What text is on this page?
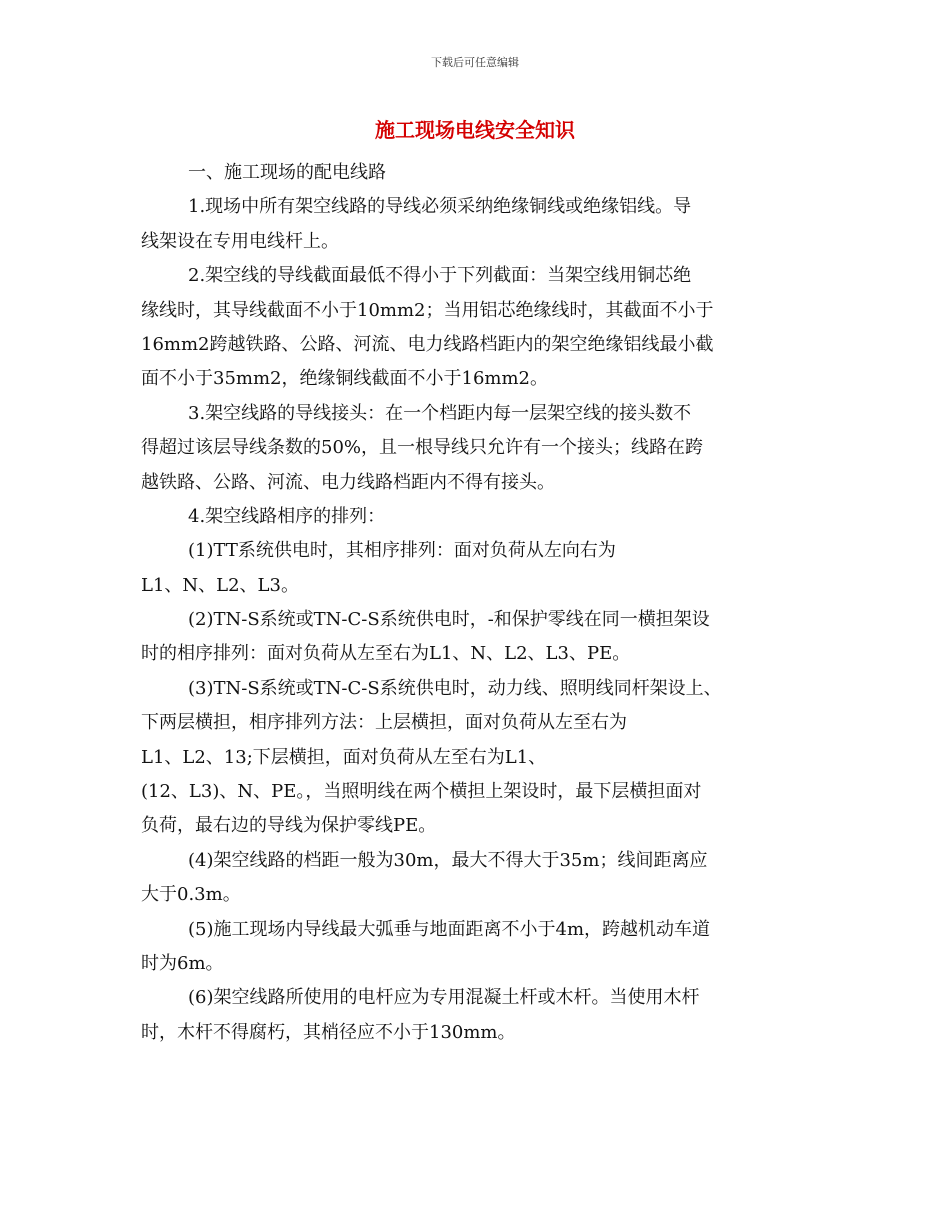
下载后可任意编辑
施工现场电线安全知识
一、施工现场的配电线路
1.现场中所有架空线路的导线必须采纳绝缘铜线或绝缘铝线。导
线架设在专用电线杆上。
2.架空线的导线截面最低不得小于下列截面：当架空线用铜芯绝
缘线时，其导线截面不小于10mm2；当用铝芯绝缘线时，其截面不小于
16mm2跨越铁路、公路、河流、电力线路档距内的架空绝缘铝线最小截
面不小于35mm2，绝缘铜线截面不小于16mm2。
3.架空线路的导线接头：在一个档距内每一层架空线的接头数不
得超过该层导线条数的50%，且一根导线只允许有一个接头；线路在跨
越铁路、公路、河流、电力线路档距内不得有接头。
4.架空线路相序的排列：
(1)TT系统供电时，其相序排列：面对负荷从左向右为
L1、N、L2、L3。
(2)TN-S系统或TN-C-S系统供电时，-和保护零线在同一横担架设
时的相序排列：面对负荷从左至右为L1、N、L2、L3、PE。
(3)TN-S系统或TN-C-S系统供电时，动力线、照明线同杆架设上、
下两层横担，相序排列方法：上层横担，面对负荷从左至右为
L1、L2、13;下层横担，面对负荷从左至右为L1、
(12、L3)、N、PE。，当照明线在两个横担上架设时，最下层横担面对
负荷，最右边的导线为保护零线PE。
(4)架空线路的档距一般为30m，最大不得大于35m；线间距离应
大于0.3m。
(5)施工现场内导线最大弧垂与地面距离不小于4m，跨越机动车道
时为6m。
(6)架空线路所使用的电杆应为专用混凝土杆或木杆。当使用木杆
时，木杆不得腐朽，其梢径应不小于130mm。
